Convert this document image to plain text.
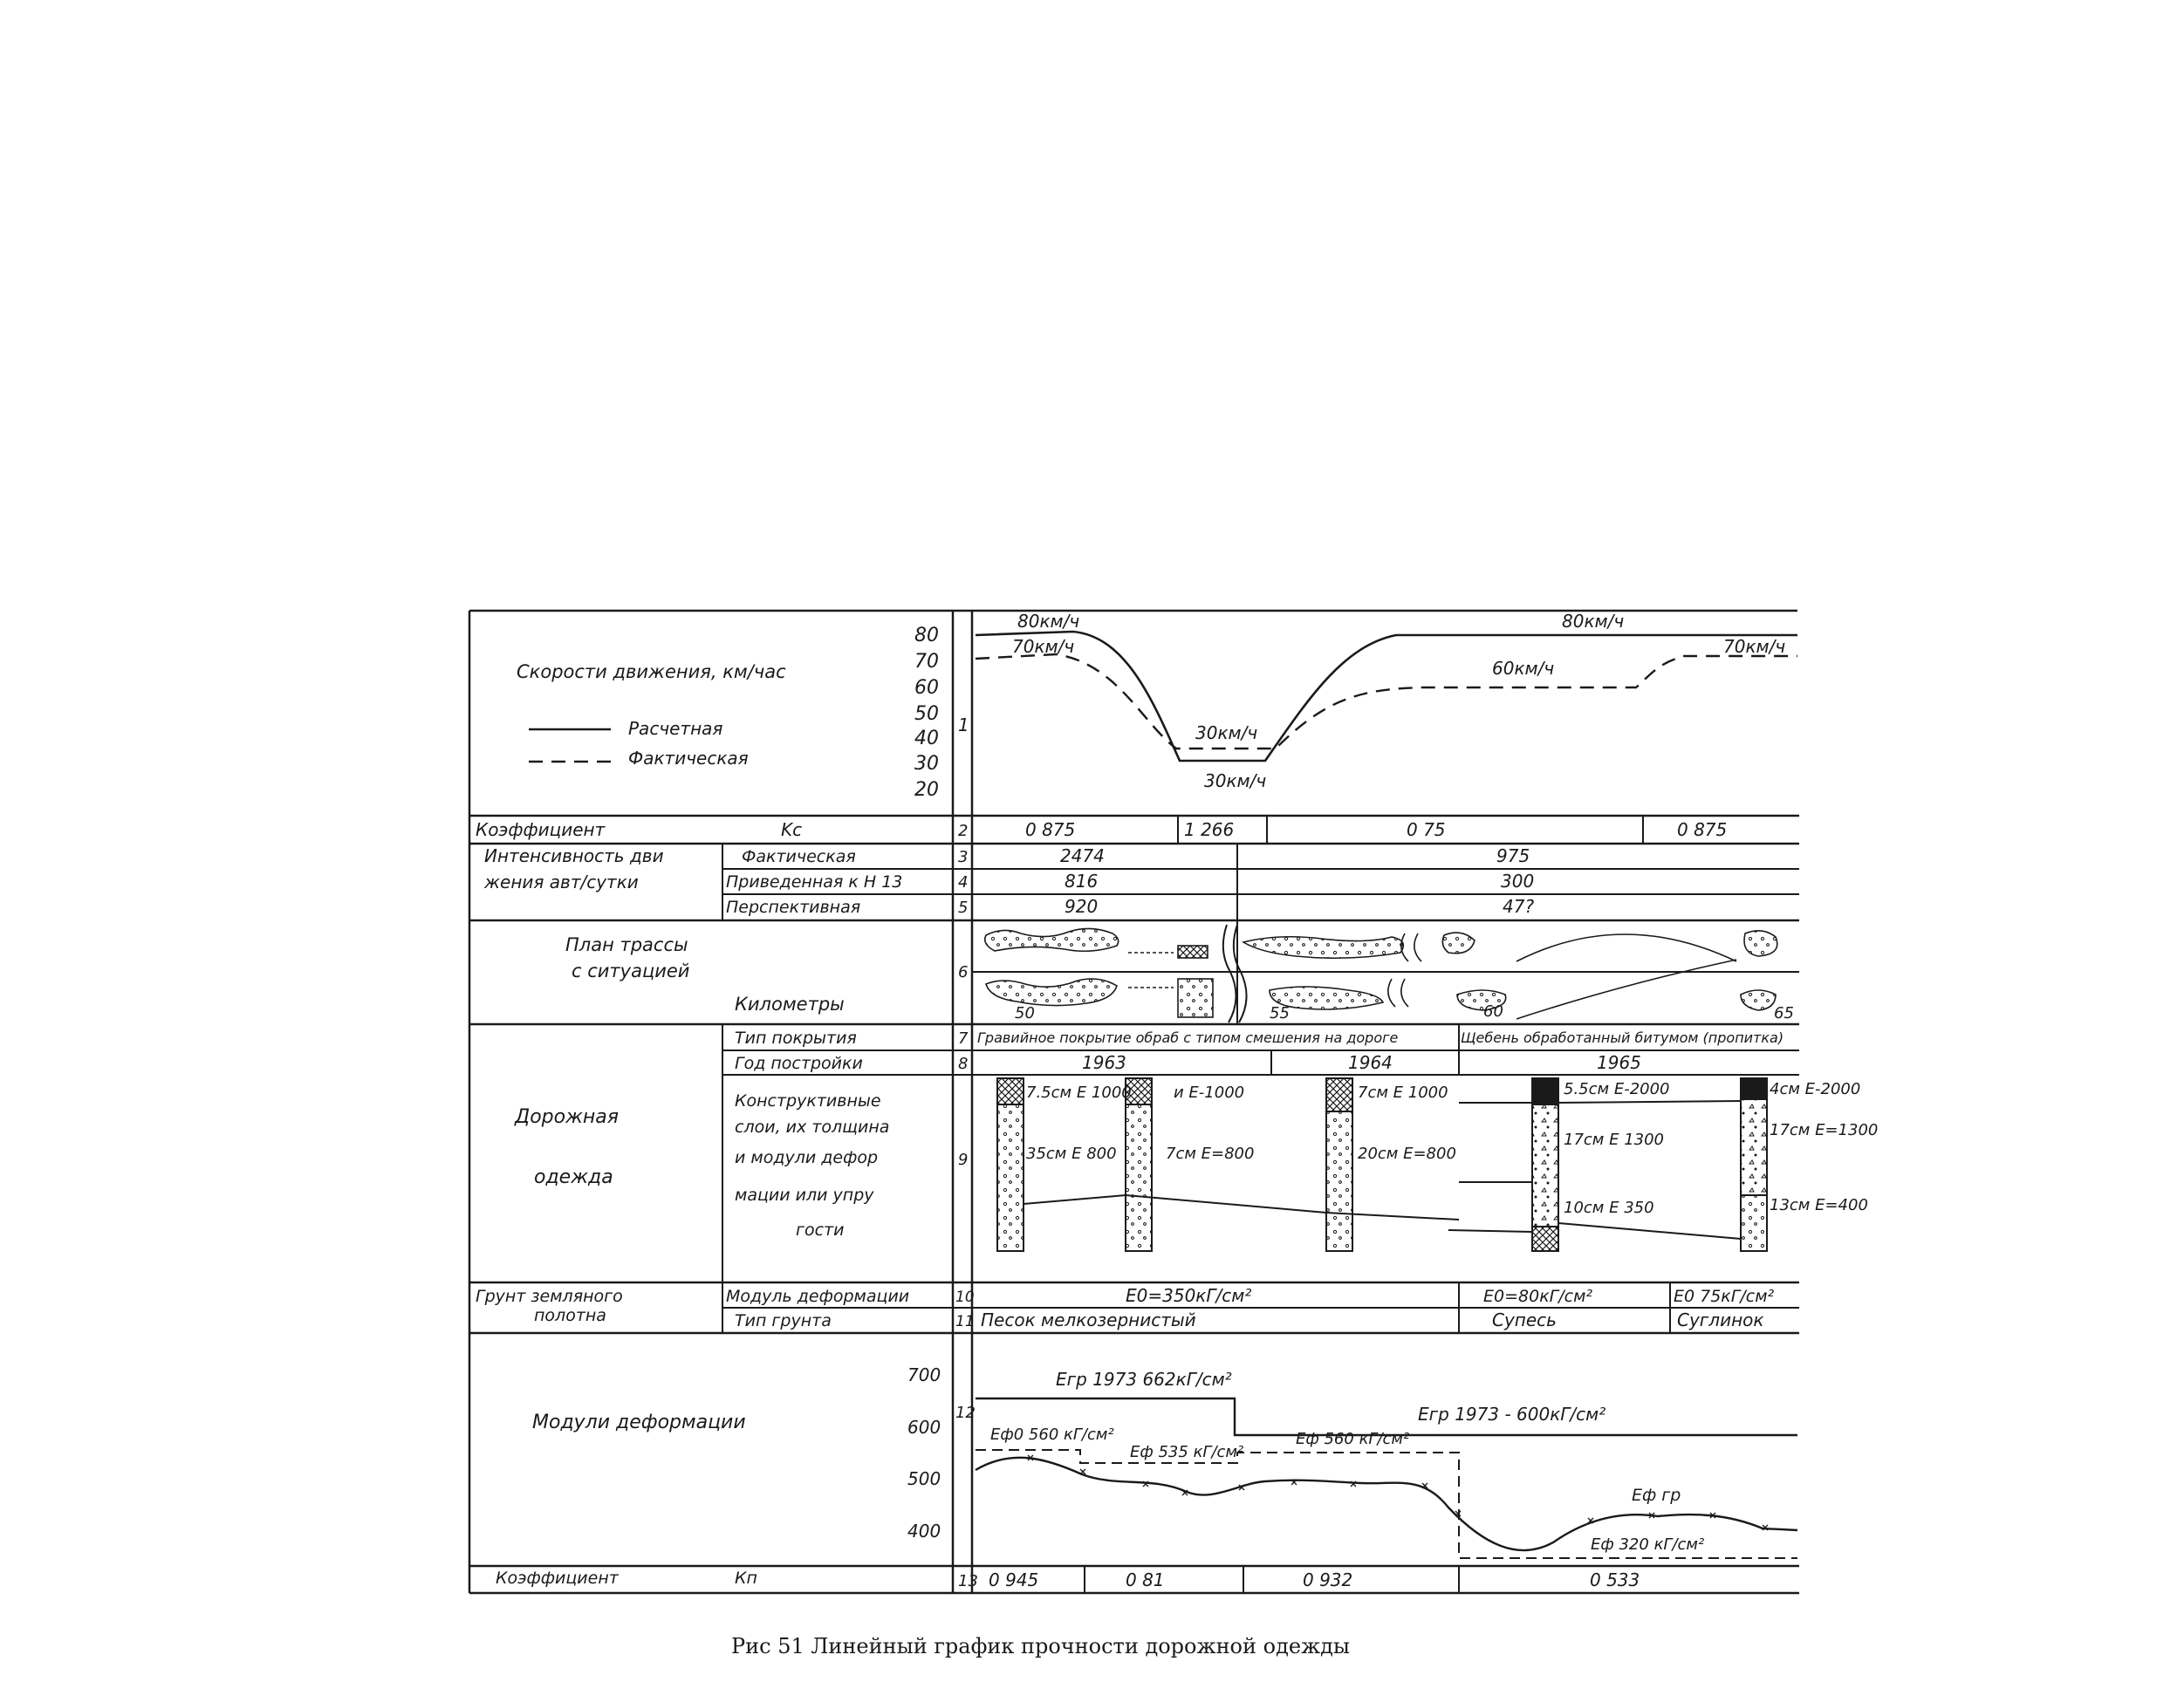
Скорости движения, км/час
Расчетная
Фактическая
80
70
60
50
40
30
20
1
80км/ч
70км/ч
30км/ч
30км/ч
80км/ч
60км/ч
70км/ч
Коэффициент	Kc	2	0 875	1 266	0 75	0 875
Интенсивность дви
жения авт/сутки
Фактическая	3	2474	975
Приведенная к Н 13	4	816	300
Перспективная	5	920	47?
План трассы
с ситуацией
Километры
6
50	55	60	65
Дорожная
одежда
Тип покрытия	7 Гравийное покрытие обраб с типом смешения на дороге	Щебень обработанный битумом (пропитка)
Год постройки	8	1963	1964	1965
Конструктивные
слои, их толщина
и модули дефор
мации или упру
гости
9
7.5см Е 1000
35см Е 800
и Е-1000
7см Е=800
7см Е 1000
20см Е=800
5.5см Е-2000
17см Е 1300
10см Е 350
4см Е-2000
17см Е=1300
13см Е=400
Грунт земляного
полотна
Модуль деформации	10	Е0=350кГ/см²	Е0=80кГ/см²	Е0 75кГ/см²
Тип грунта	11 Песок мелкозернистый	Супесь	Суглинок
Модули деформации	12
700
600
500
400
Егр 1973 662кГ/см²
Егр 1973 - 600кГ/см²
Еф0 560 кГ/см²
Еф 535 кГ/см²
Еф 560 кГ/см²
Еф гр
Еф 320 кГ/см²
Коэффициент	Кп	13 0 945	0 81	0 932	0 533
Рис 51 Линейный график прочности дорожной одежды
